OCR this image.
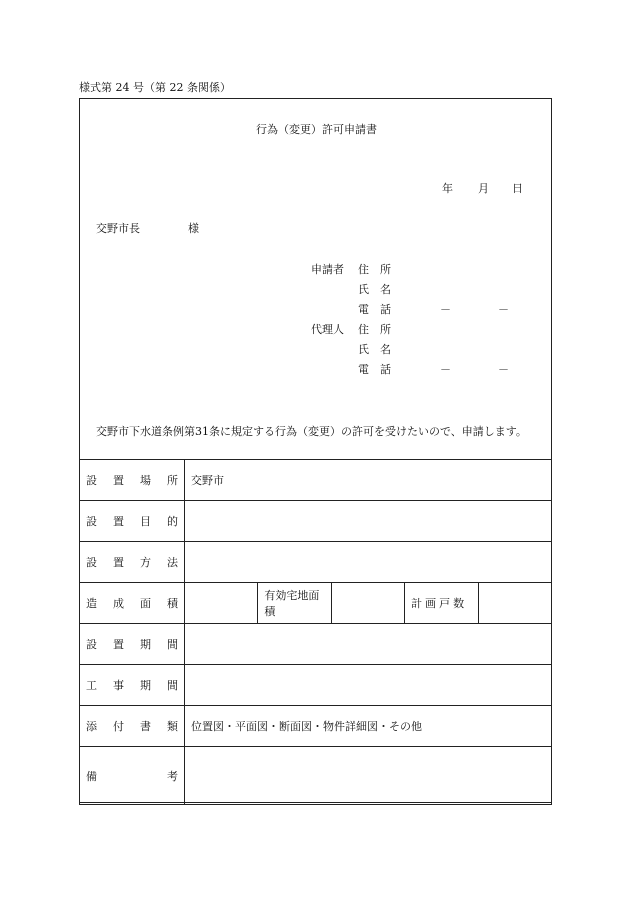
様式第 24 号（第 22 条関係）
行為（変更）許可申請書
年 月 日
交野市長	様
申請者 住　所
氏　名
電　話	－	－
代理人 住　所
氏　名
電　話	－	－
交野市下水道条例第31条に規定する行為（変更）の許可を受けたいので、申請します。
設置場所	交野市				
設置目的					
設置方法					
造成面積		有効宅地面積		計画戸数	
設置期間					
工事期間					
添付書類	位置図・平面図・断面図・物件詳細図・その他				
備考					
